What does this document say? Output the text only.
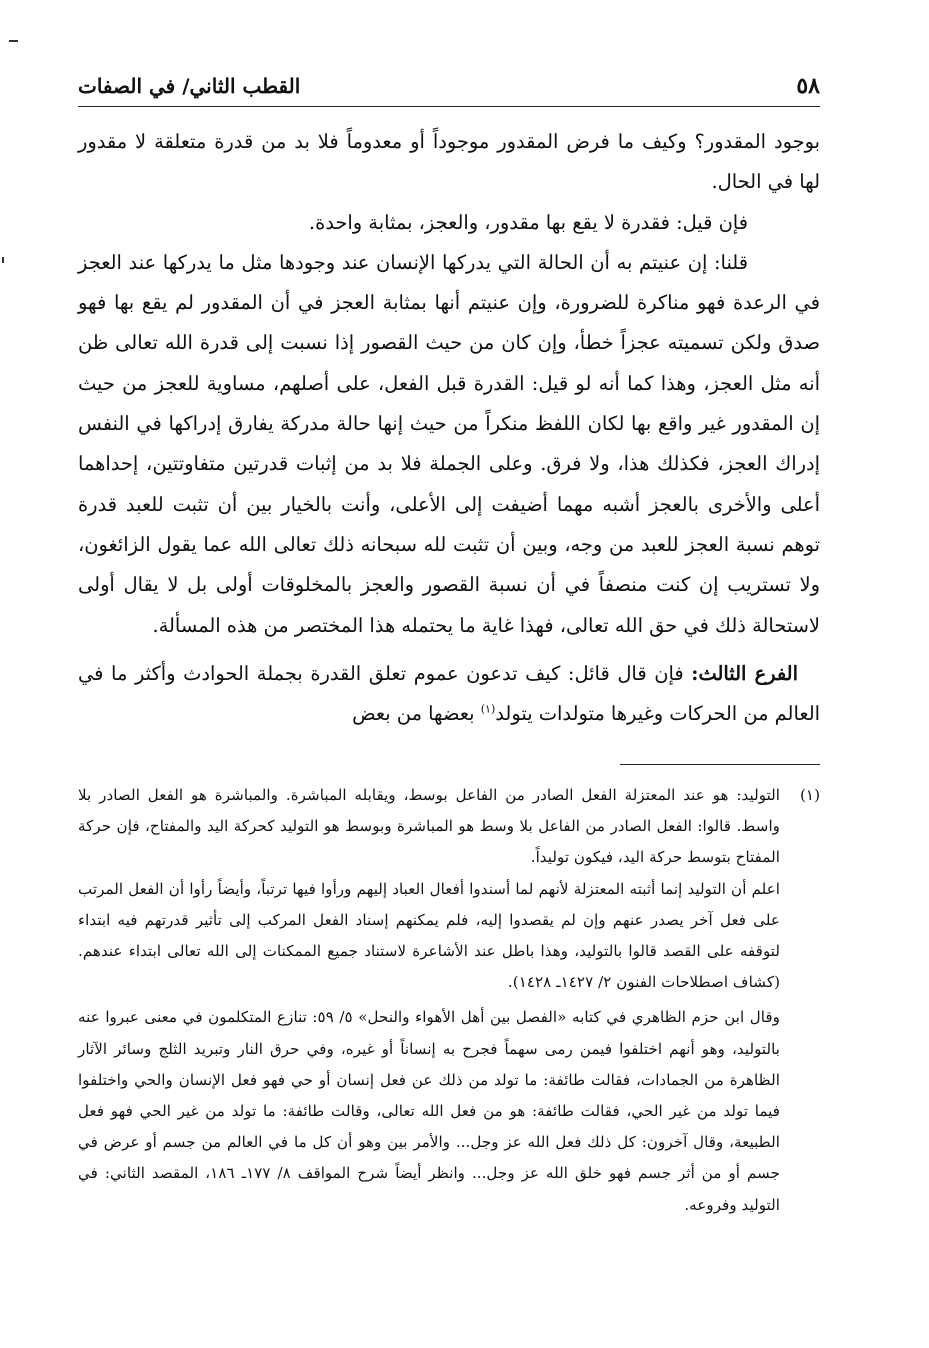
٥٨
القطب الثاني/ في الصفات

بوجود المقدور؟ وكيف ما فرض المقدور موجوداً أو معدوماً فلا بد من قدرة متعلقة لا مقدور لها في الحال.

فإن قيل: فقدرة لا يقع بها مقدور، والعجز، بمثابة واحدة.

قلنا: إن عنيتم به أن الحالة التي يدركها الإنسان عند وجودها مثل ما يدركها عند العجز في الرعدة فهو مناكرة للضرورة، وإن عنيتم أنها بمثابة العجز في أن المقدور لم يقع بها فهو صدق ولكن تسميته عجزاً خطأ، وإن كان من حيث القصور إذا نسبت إلى قدرة الله تعالى ظن أنه مثل العجز، وهذا كما أنه لو قيل: القدرة قبل الفعل، على أصلهم، مساوية للعجز من حيث إن المقدور غير واقع بها لكان اللفظ منكراً من حيث إنها حالة مدركة يفارق إدراكها في النفس إدراك العجز، فكذلك هذا، ولا فرق. وعلى الجملة فلا بد من إثبات قدرتين متفاوتتين، إحداهما أعلى والأخرى بالعجز أشبه مهما أضيفت إلى الأعلى، وأنت بالخيار بين أن تثبت للعبد قدرة توهم نسبة العجز للعبد من وجه، وبين أن تثبت لله سبحانه ذلك تعالى الله عما يقول الزائغون، ولا تستريب إن كنت منصفاً في أن نسبة القصور والعجز بالمخلوقات أولى بل لا يقال أولى لاستحالة ذلك في حق الله تعالى، فهذا غاية ما يحتمله هذا المختصر من هذه المسألة.

الفرع الثالث: فإن قال قائل: كيف تدعون عموم تعلق القدرة بجملة الحوادث وأكثر ما في العالم من الحركات وغيرها متولدات يتولد$^{(١)}$ بعضها من بعض

(١)

التوليد: هو عند المعتزلة الفعل الصادر من الفاعل بوسط، ويقابله المباشرة. والمباشرة هو الفعل الصادر بلا واسط. قالوا: الفعل الصادر من الفاعل بلا وسط هو المباشرة وبوسط هو التوليد كحركة اليد والمفتاح، فإن حركة المفتاح بتوسط حركة اليد، فيكون توليداً.

اعلم أن التوليد إنما أثبته المعتزلة لأنهم لما أسندوا أفعال العباد إليهم ورأوا فيها ترتباً، وأيضاً رأوا أن الفعل المرتب على فعل آخر يصدر عنهم وإن لم يقصدوا إليه، فلم يمكنهم إسناد الفعل المركب إلى تأثير قدرتهم فيه ابتداء لتوقفه على القصد قالوا بالتوليد، وهذا باطل عند الأشاعرة لاستناد جميع الممكنات إلى الله تعالى ابتداء عندهم. (كشاف اصطلاحات الفنون ٢/ ١٤٢٧ـ ١٤٢٨).

وقال ابن حزم الظاهري في كتابه «الفصل بين أهل الأهواء والنحل» ٥/ ٥٩: تنازع المتكلمون في معنى عبروا عنه بالتوليد، وهو أنهم اختلفوا فيمن رمى سهماً فجرح به إنساناً أو غيره، وفي حرق النار وتبريد الثلج وسائر الآثار الظاهرة من الجمادات، فقالت طائفة: ما تولد من ذلك عن فعل إنسان أو حي فهو فعل الإنسان والحي واختلفوا فيما تولد من غير الحي، فقالت طائفة: هو من فعل الله تعالى، وقالت طائفة: ما تولد من غير الحي فهو فعل الطبيعة، وقال آخرون: كل ذلك فعل الله عز وجل... والأمر بين وهو أن كل ما في العالم من جسم أو عرض في جسم أو من أثر جسم فهو خلق الله عز وجل... وانظر أيضاً شرح المواقف ٨/ ١٧٧ـ ١٨٦، المقصد الثاني: في التوليد وفروعه.
